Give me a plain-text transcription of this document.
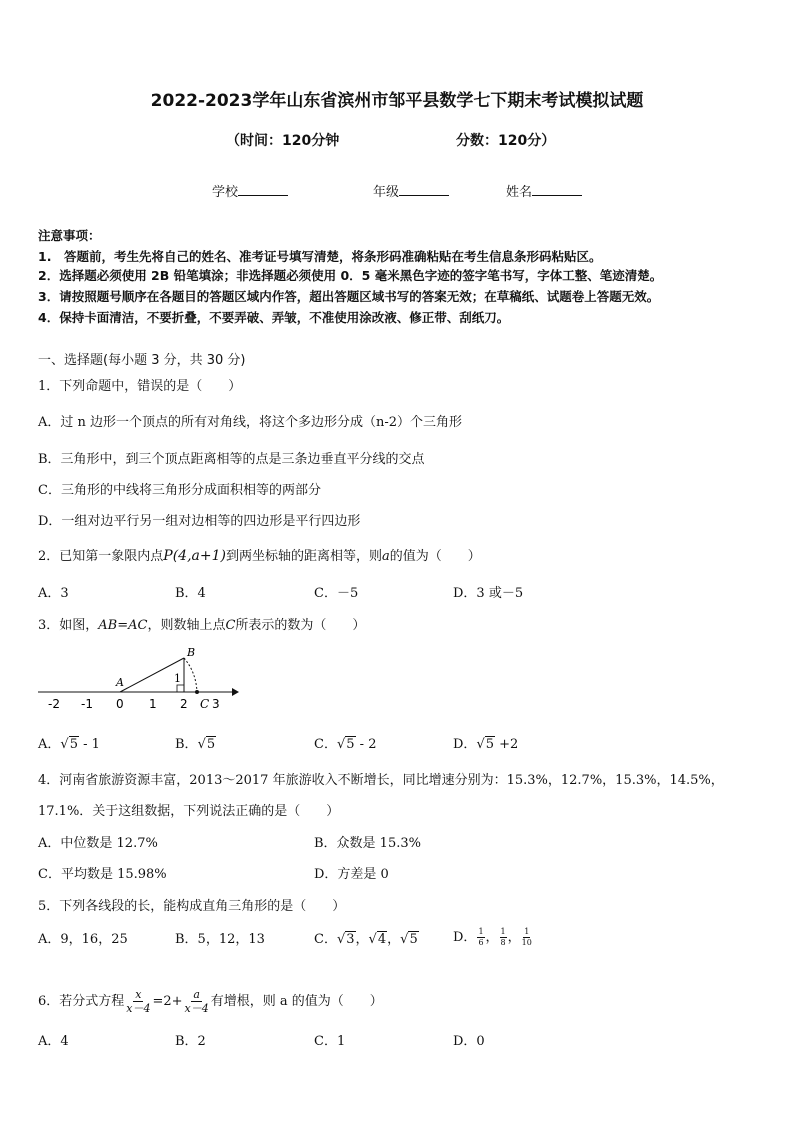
2022-2023学年山东省滨州市邹平县数学七下期末考试模拟试题
（时间：120分钟	分数：120分）
学校	年级	姓名
注意事项：
1.　答题前，考生先将自己的姓名、准考证号填写清楚，将条形码准确粘贴在考生信息条形码粘贴区。
2．选择题必须使用 2B 铅笔填涂；非选择题必须使用 0．5 毫米黑色字迹的签字笔书写，字体工整、笔迹清楚。
3．请按照题号顺序在各题目的答题区域内作答，超出答题区域书写的答案无效；在草稿纸、试题卷上答题无效。
4．保持卡面清洁，不要折叠，不要弄破、弄皱，不准使用涂改液、修正带、刮纸刀。
一、选择题(每小题 3 分，共 30 分)
1．下列命题中，错误的是（　　）
A．过 n 边形一个顶点的所有对角线，将这个多边形分成（n-2）个三角形
B．三角形中，到三个顶点距离相等的点是三条边垂直平分线的交点
C．三角形的中线将三角形分成面积相等的两部分
D．一组对边平行另一组对边相等的四边形是平行四边形
2．已知第一象限内点P(4,a+1)到两坐标轴的距离相等，则a的值为（　　）
A．3	B．4	C．－5	D．3 或－5
3．如图，AB=AC，则数轴上点C所表示的数为（　　）
A
B
C
1
-2 -1 0 1 2 3
A．√5 - 1	B．√5	C．√5 - 2	D．√5 +2
4．河南省旅游资源丰富，2013～2017 年旅游收入不断增长，同比增速分别为：15.3%，12.7%，15.3%，14.5%，
17.1%．关于这组数据，下列说法正确的是（　　）
A．中位数是 12.7%	B．众数是 15.3%
C．平均数是 15.98%	D．方差是 0
5．下列各线段的长，能构成直角三角形的是（　　）
A．9，16，25	B．5，12，13	C．√3，√4，√5	D． $\frac{1}{6}$ ， $\frac{1}{8}$ ， $\frac{1}{10}$
6．若分式方程 $\frac{x}{x-4} =2+ \frac{a}{x-4}$ 有增根，则 a 的值为（　　）
A．4	B．2	C．1	D．0
